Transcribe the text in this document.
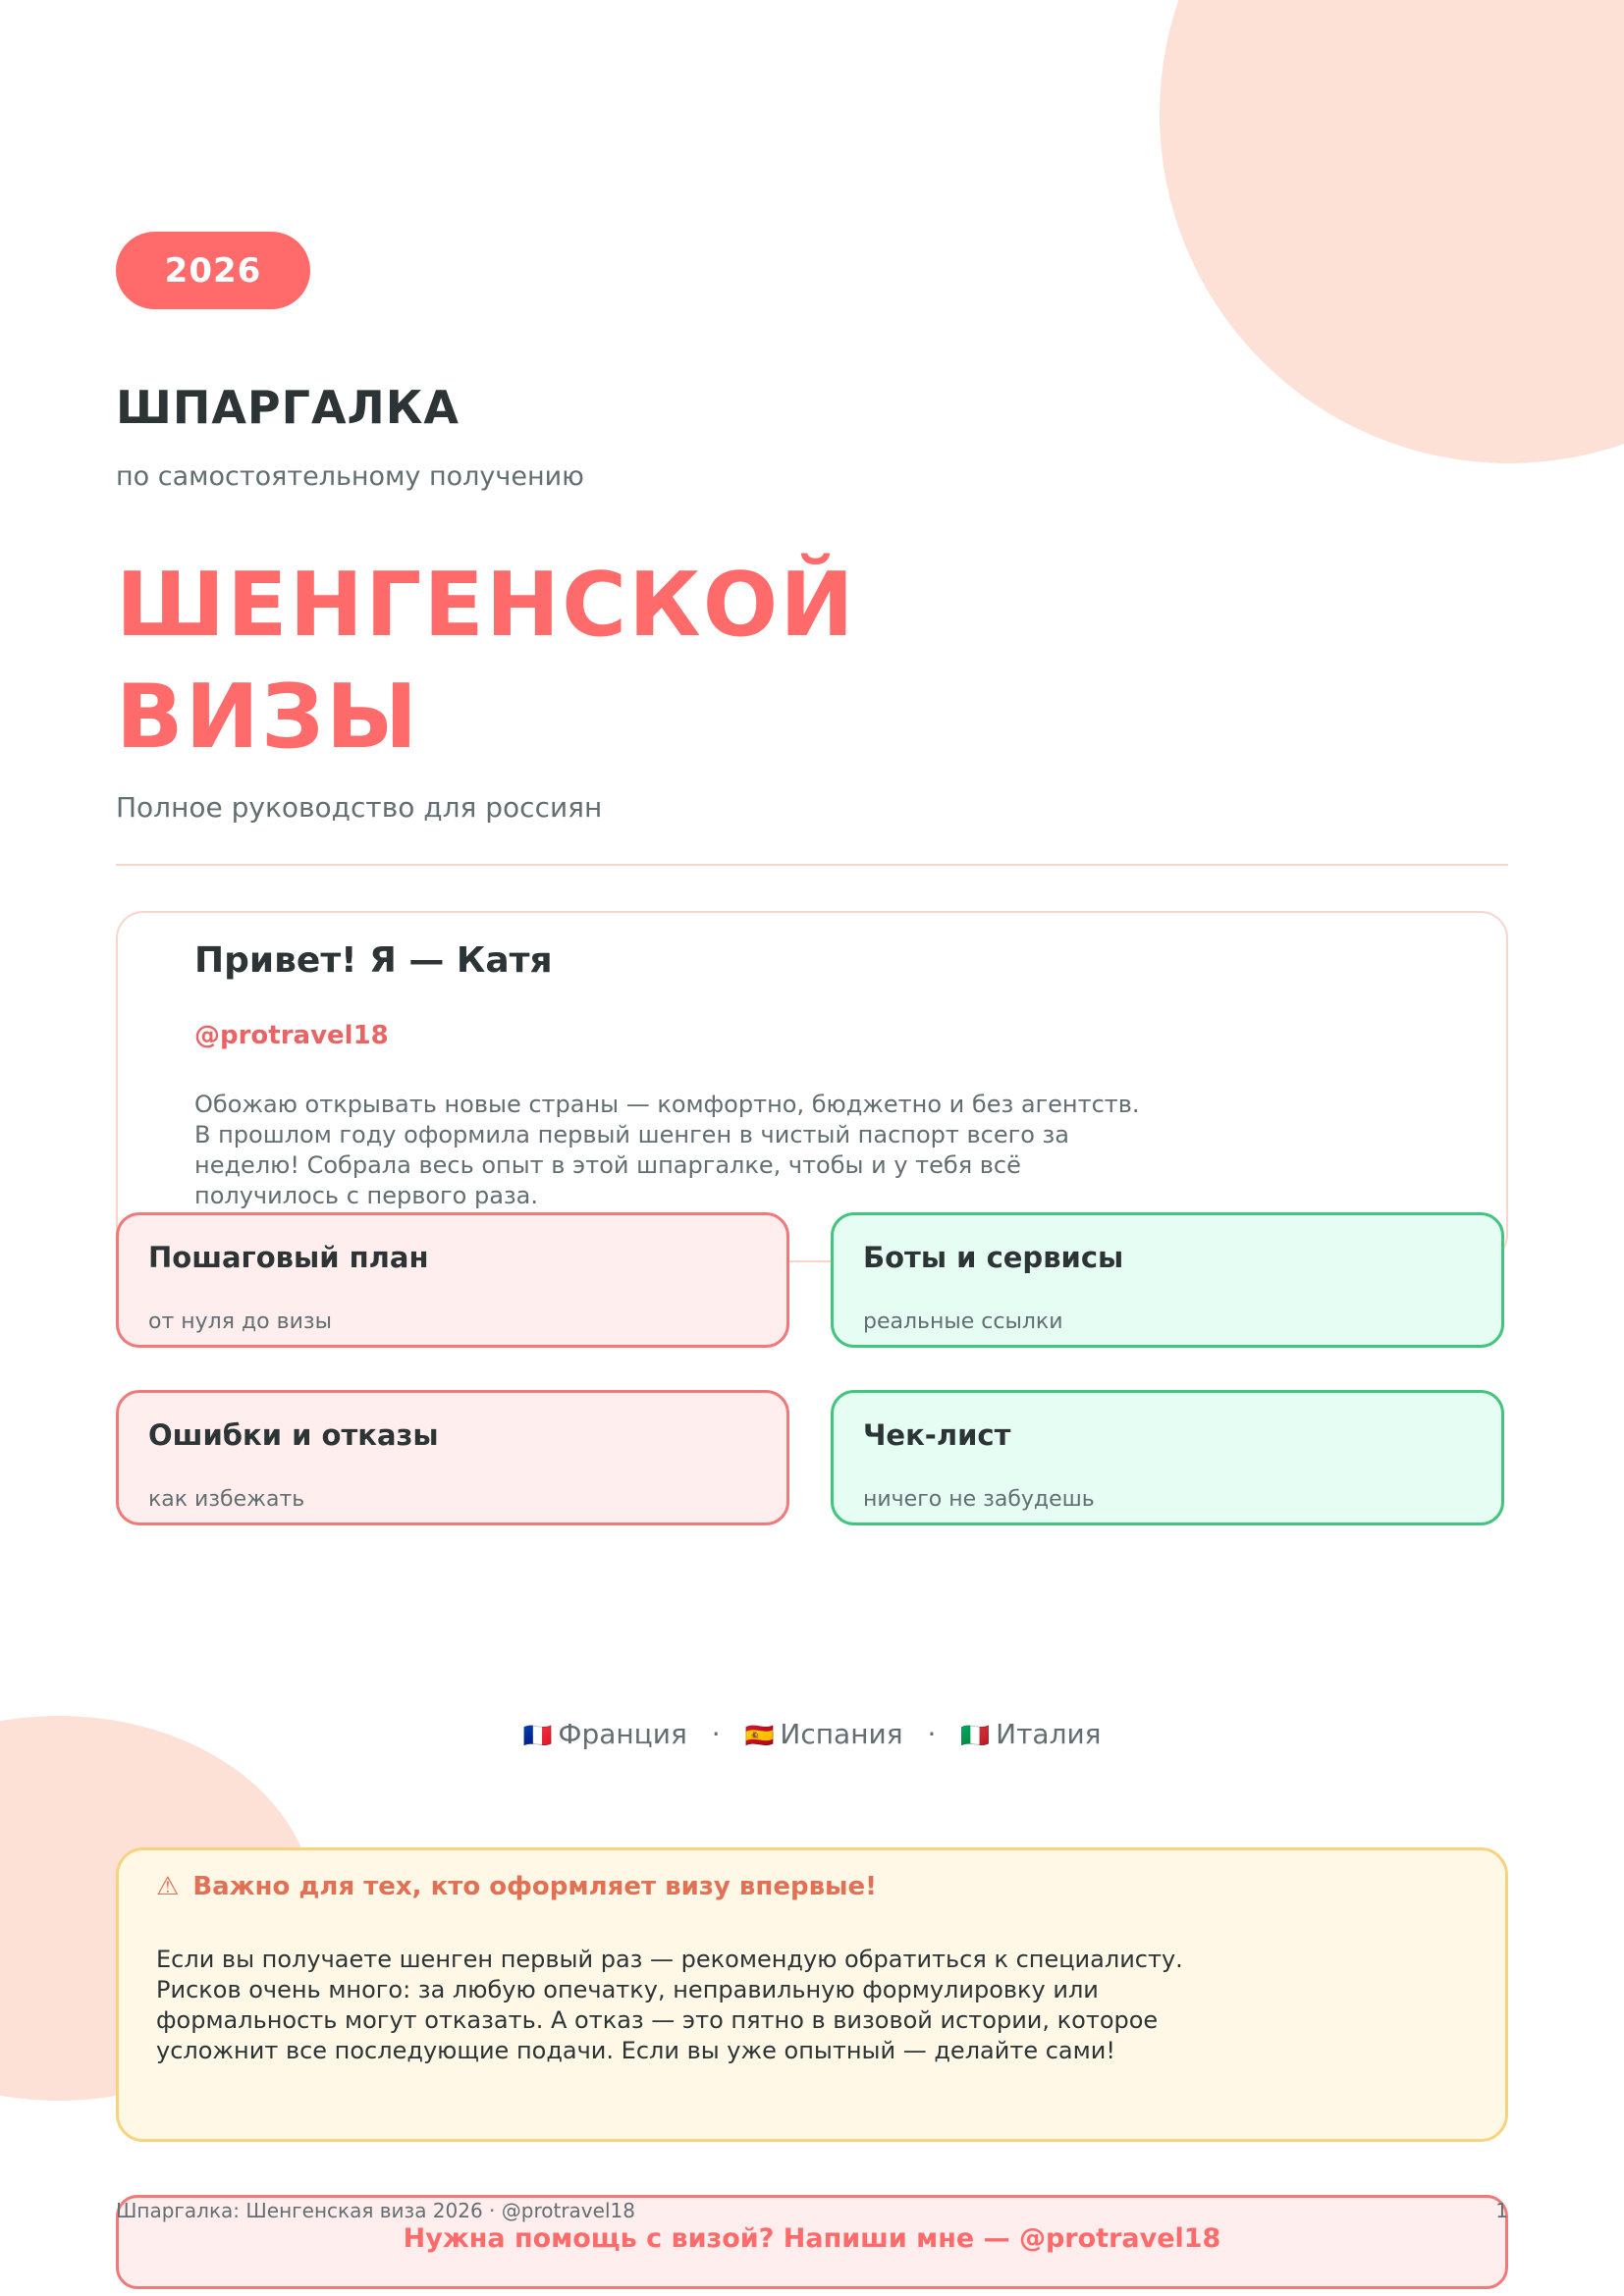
2026
ШПАРГАЛКА
по самостоятельному получению
ШЕНГЕНСКОЙ
ВИЗЫ
Полное руководство для россиян
Привет! Я — Катя
@protravel18

Обожаю открывать новые страны — комфортно, бюджетно и без агентств.
В прошлом году оформила первый шенген в чистый паспорт всего за
неделю! Собрала весь опыт в этой шпаргалке, чтобы и у тебя всё
получилось с первого раза.

Пошаговый план
от нуля до визы
Боты и сервисы
реальные ссылки
Ошибки и отказы
как избежать
Чек-лист
ничего не забудешь
🇫🇷 Франция · 🇪🇸 Испания · 🇮🇹 Италия
⚠ Важно для тех, кто оформляет визу впервые!

Если вы получаете шенген первый раз — рекомендую обратиться к специалисту.
Рисков очень много: за любую опечатку, неправильную формулировку или
формальность могут отказать. А отказ — это пятно в визовой истории, которое
усложнит все последующие подачи. Если вы уже опытный — делайте сами!

Нужна помощь с визой? Напиши мне — @protravel18
Шпаргалка: Шенгенская виза 2026 · @protravel18	1
